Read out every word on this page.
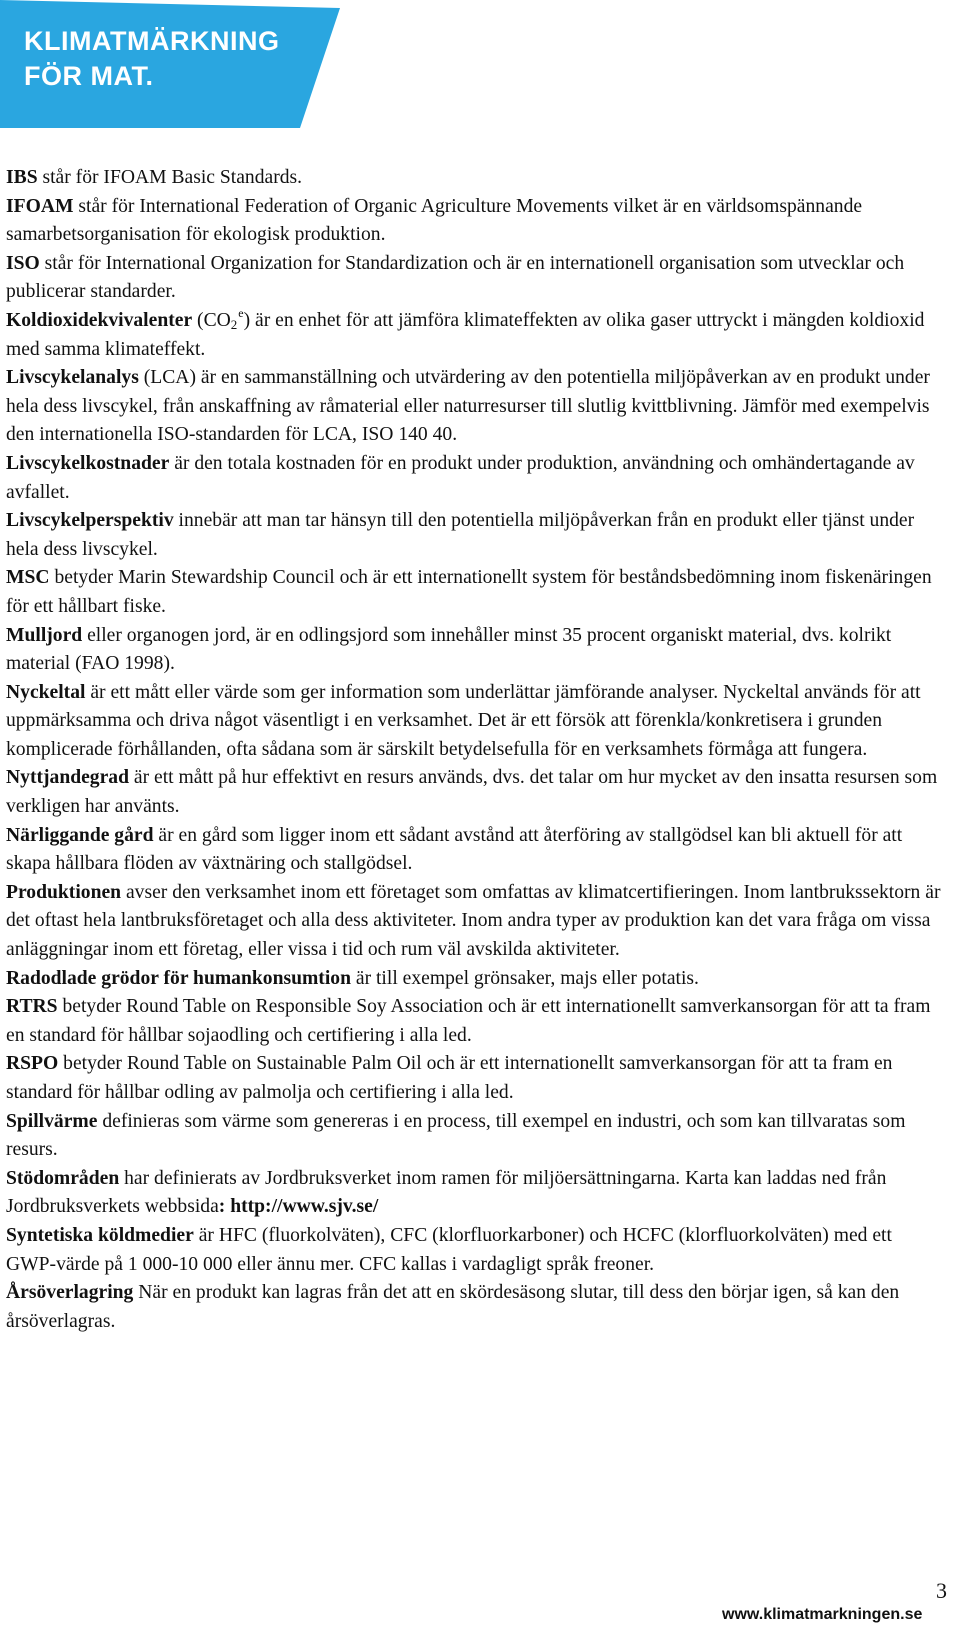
KLIMATMÄRKNING
FÖR MAT.

IBS står för IFOAM Basic Standards.

IFOAM står för International Federation of Organic Agriculture Movements vilket är en världsomspännande samarbetsorganisation för ekologisk produktion.

ISO står för International Organization for Standardization och är en internationell organisation som utvecklar och publicerar standarder.

Koldioxidekvivalenter $(CO_2^e)$ är en enhet för att jämföra klimateffekten av olika gaser uttryckt i mängden koldioxid med samma klimateffekt.

Livscykelanalys (LCA) är en sammanställning och utvärdering av den potentiella miljöpåverkan av en produkt under hela dess livscykel, från anskaffning av råmaterial eller naturresurser till slutlig kvittblivning. Jämför med exempelvis den internationella ISO-standarden för LCA, ISO 140 40.

Livscykelkostnader är den totala kostnaden för en produkt under produktion, användning och omhändertagande av avfallet.

Livscykelperspektiv innebär att man tar hänsyn till den potentiella miljöpåverkan från en produkt eller tjänst under hela dess livscykel.

MSC betyder Marin Stewardship Council och är ett internationellt system för beståndsbedömning inom fiskenäringen för ett hållbart fiske.

Mulljord eller organogen jord, är en odlingsjord som innehåller minst 35 procent organiskt material, dvs. kolrikt material (FAO 1998).

Nyckeltal är ett mått eller värde som ger information som underlättar jämförande analyser. Nyckeltal används för att uppmärksamma och driva något väsentligt i en verksamhet. Det är ett försök att förenkla/konkretisera i grunden komplicerade förhållanden, ofta sådana som är särskilt betydelsefulla för en verksamhets förmåga att fungera.

Nyttjandegrad är ett mått på hur effektivt en resurs används, dvs. det talar om hur mycket av den insatta resursen som verkligen har använts.

Närliggande gård är en gård som ligger inom ett sådant avstånd att återföring av stallgödsel kan bli aktuell för att skapa hållbara flöden av växtnäring och stallgödsel.

Produktionen avser den verksamhet inom ett företaget som omfattas av klimatcertifieringen. Inom lantbrukssektorn är det oftast hela lantbruksföretaget och alla dess aktiviteter. Inom andra typer av produktion kan det vara fråga om vissa anläggningar inom ett företag, eller vissa i tid och rum väl avskilda aktiviteter.

Radodlade grödor för humankonsumtion är till exempel grönsaker, majs eller potatis.

RTRS betyder Round Table on Responsible Soy Association och är ett internationellt samverkansorgan för att ta fram en standard för hållbar sojaodling och certifiering i alla led.

RSPO betyder Round Table on Sustainable Palm Oil och är ett internationellt samverkansorgan för att ta fram en standard för hållbar odling av palmolja och certifiering i alla led.

Spillvärme definieras som värme som genereras i en process, till exempel en industri, och som kan tillvaratas som resurs.

Stödområden har definierats av Jordbruksverket inom ramen för miljöersättningarna. Karta kan laddas ned från Jordbruksverkets webbsida: http://www.sjv.se/

Syntetiska köldmedier är HFC (fluorkolväten), CFC (klorfluorkarboner) och HCFC (klorfluorkolväten) med ett GWP-värde på 1 000-10 000 eller ännu mer. CFC kallas i vardagligt språk freoner.

Årsöverlagring När en produkt kan lagras från det att en skördesäsong slutar, till dess den börjar igen, så kan den årsöverlagras.

3
www.klimatmarkningen.se
